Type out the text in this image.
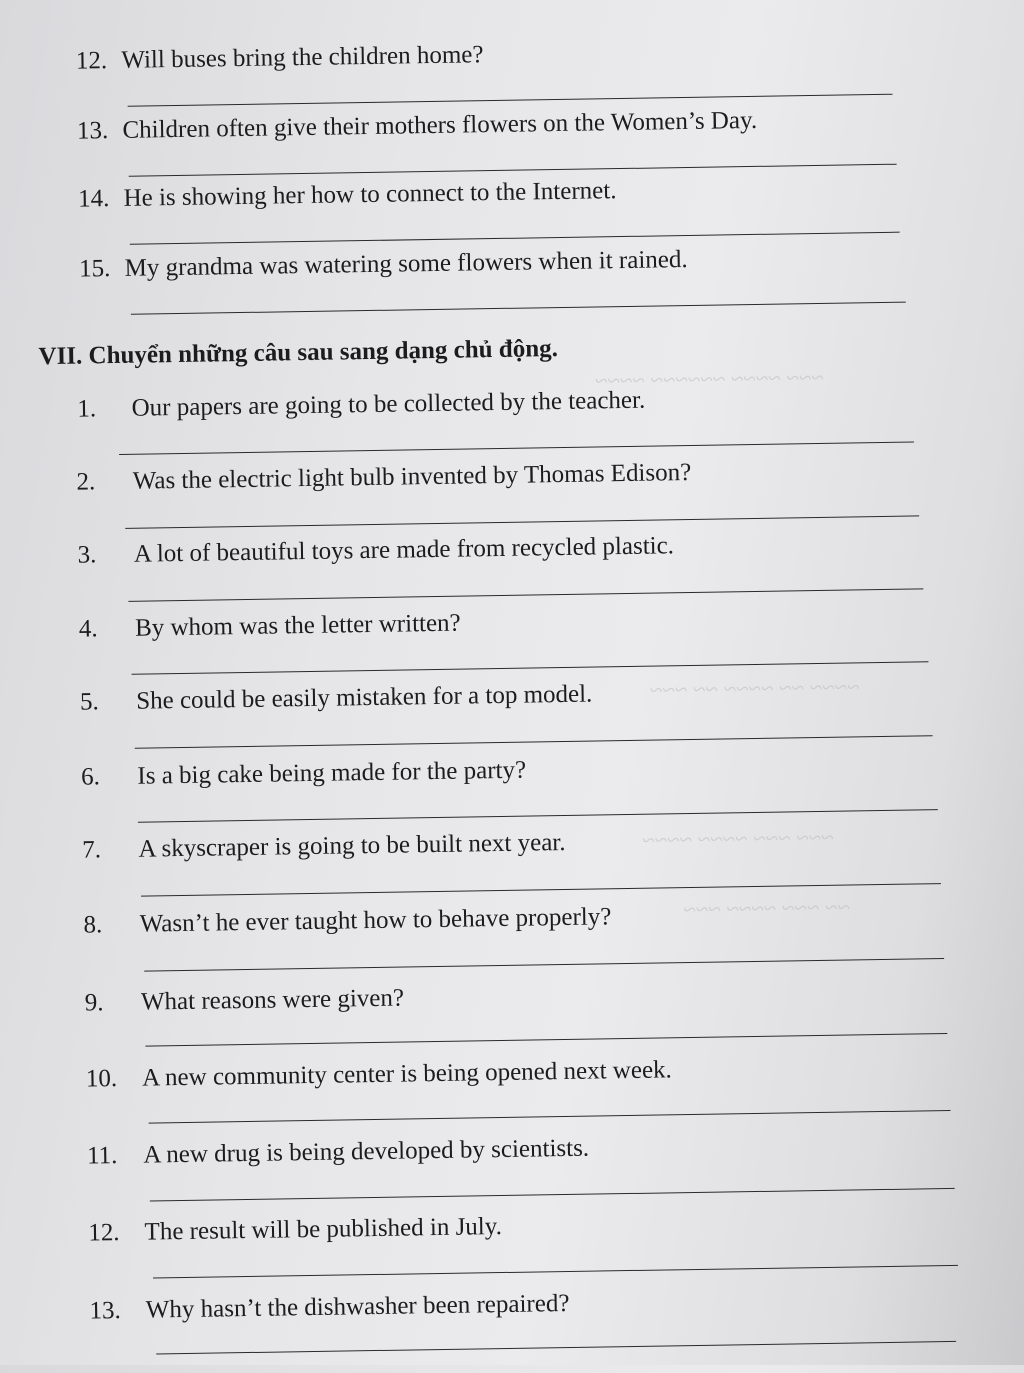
~~~ ~~~~ ~~~~~~ ~~~~
~~~~ ~~ ~~~~ ~~ ~~~
~~~ ~~~ ~~~~ ~~~~
~~ ~~~ ~~~~ ~~~
12. Will buses bring the children home?
13. Children often give their mothers flowers on the Women’s Day.
14. He is showing her how to connect to the Internet.
15. My grandma was watering some flowers when it rained.
VII. Chuyển những câu sau sang dạng chủ động.
1. Our papers are going to be collected by the teacher.
2. Was the electric light bulb invented by Thomas Edison?
3. A lot of beautiful toys are made from recycled plastic.
4. By whom was the letter written?
5. She could be easily mistaken for a top model.
6. Is a big cake being made for the party?
7. A skyscraper is going to be built next year.
8. Wasn’t he ever taught how to behave properly?
9. What reasons were given?
10. A new community center is being opened next week.
11. A new drug is being developed by scientists.
12. The result will be published in July.
13. Why hasn’t the dishwasher been repaired?
